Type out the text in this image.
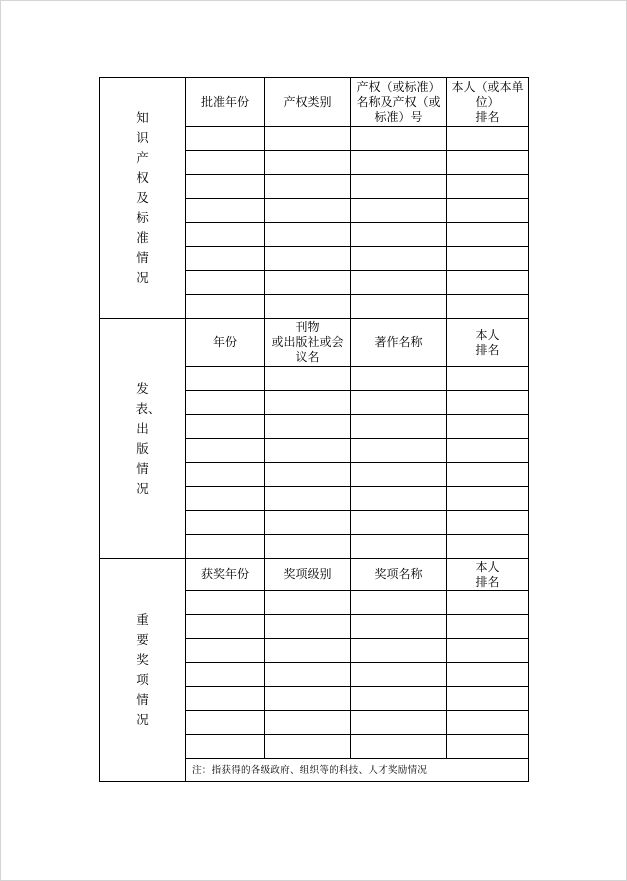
知识产权及标准情况	批准年份	产权类别	产权（或标准）
名称及产权（或
标准）号	本人（或本单
位）
排名

发表、出版情况	年份	刊物
或出版社或会
议名	著作名称	本人
排名

重要奖项情况	获奖年份	奖项级别	奖项名称	本人
排名

	注：指获得的各级政府、组织等的科技、人才奖励情况			
